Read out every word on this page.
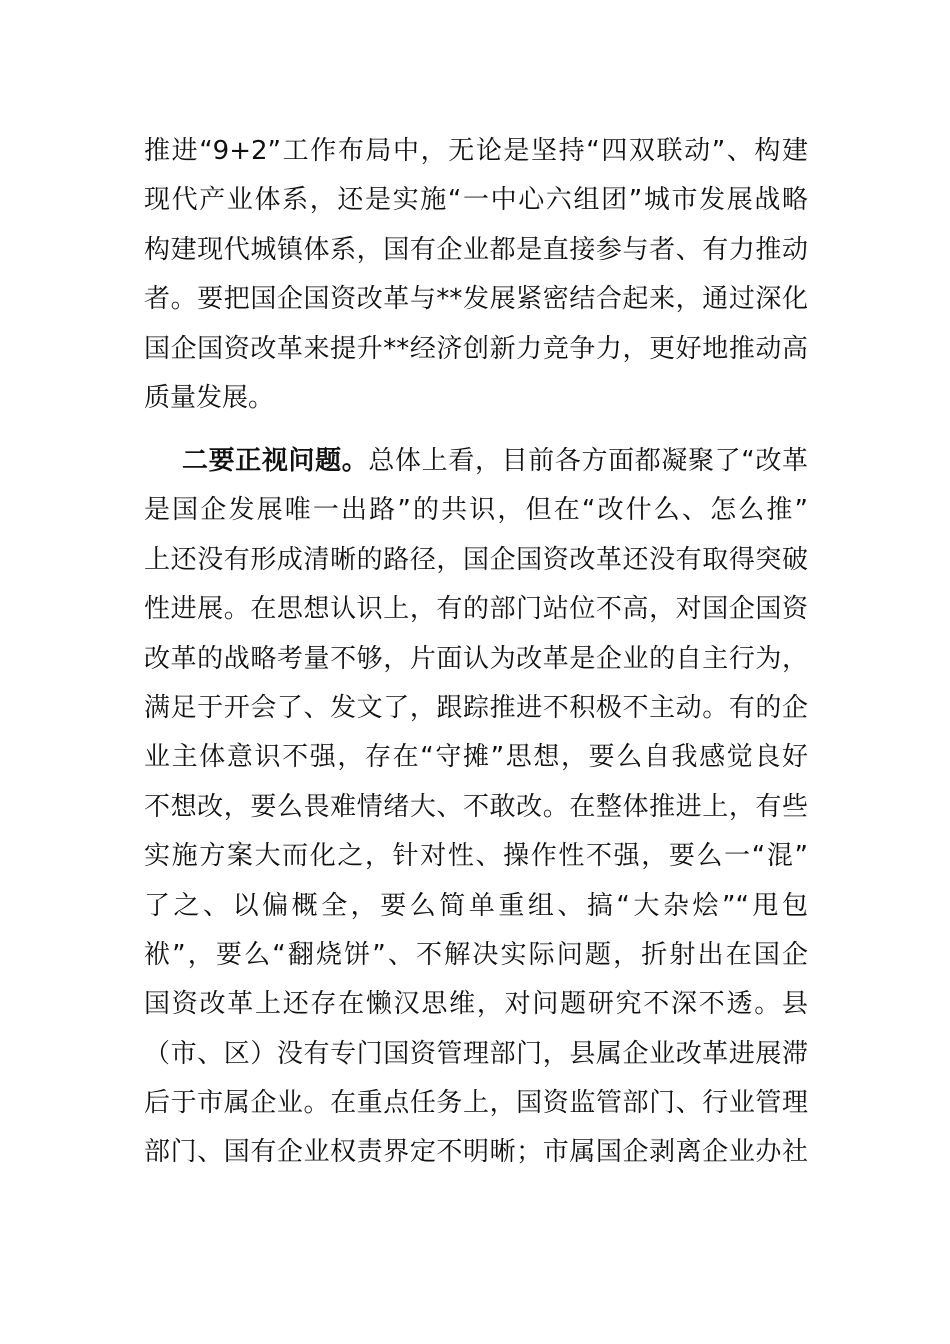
推进“9+2”工作布局中，无论是坚持“四双联动”、构建
现代产业体系，还是实施“一中心六组团”城市发展战略
构建现代城镇体系，国有企业都是直接参与者、有力推动
者。要把国企国资改革与**发展紧密结合起来，通过深化
国企国资改革来提升**经济创新力竞争力，更好地推动高
质量发展。
二要正视问题。总体上看，目前各方面都凝聚了“改革
是国企发展唯一出路”的共识，但在“改什么、怎么推”
上还没有形成清晰的路径，国企国资改革还没有取得突破
性进展。在思想认识上，有的部门站位不高，对国企国资
改革的战略考量不够，片面认为改革是企业的自主行为，
满足于开会了、发文了，跟踪推进不积极不主动。有的企
业主体意识不强，存在“守摊”思想，要么自我感觉良好
不想改，要么畏难情绪大、不敢改。在整体推进上，有些
实施方案大而化之，针对性、操作性不强，要么一“混”
了之、以偏概全，要么简单重组、搞“大杂烩”“甩包
袱”，要么“翻烧饼”、不解决实际问题，折射出在国企
国资改革上还存在懒汉思维，对问题研究不深不透。县
（市、区）没有专门国资管理部门，县属企业改革进展滞
后于市属企业。在重点任务上，国资监管部门、行业管理
部门、国有企业权责界定不明晰；市属国企剥离企业办社
